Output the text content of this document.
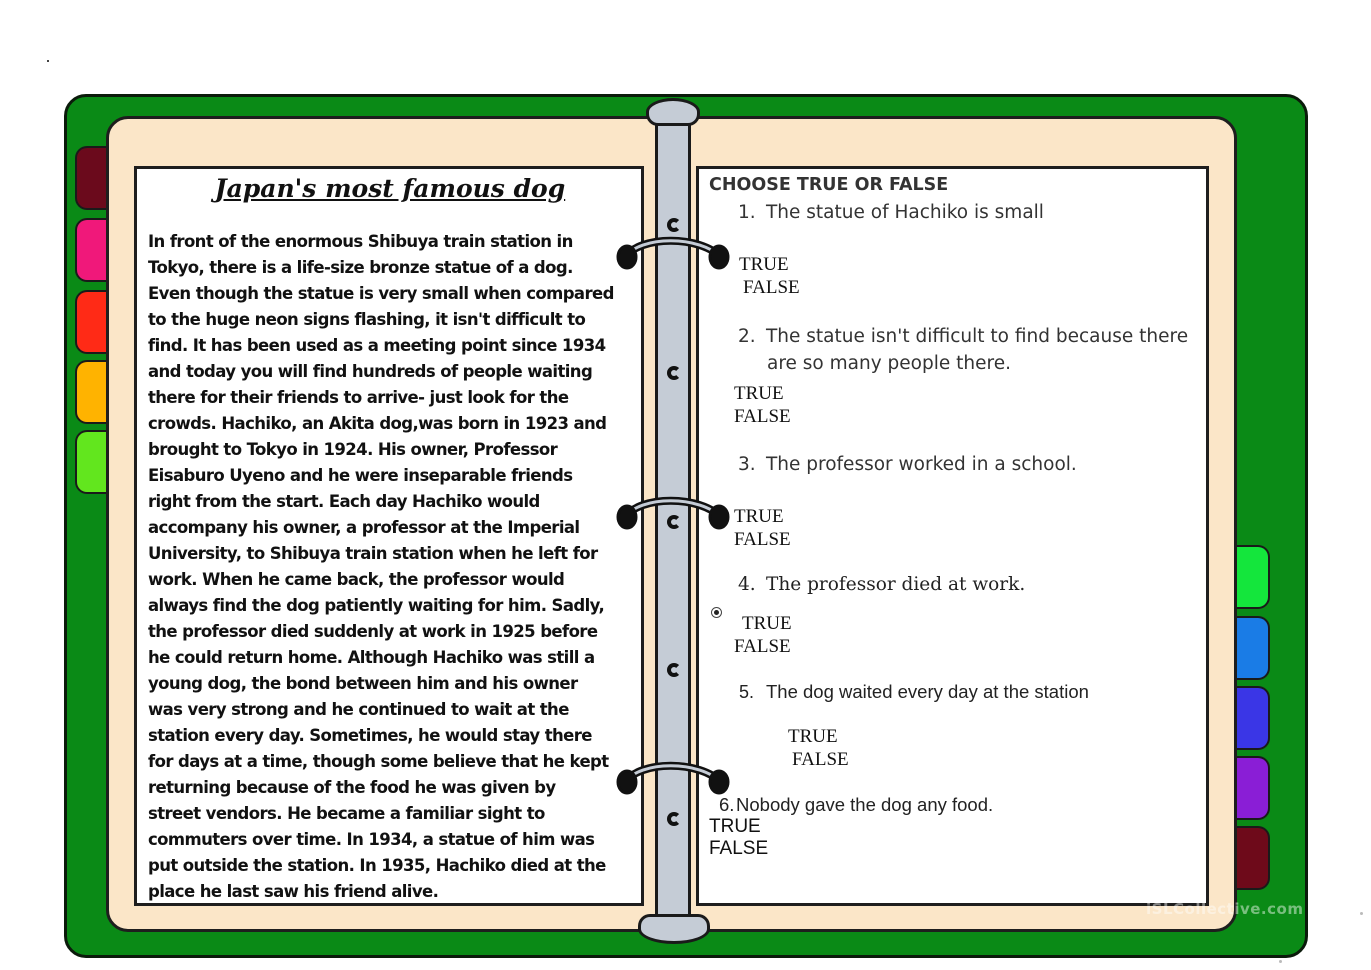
Japan's most famous dog
In front of the enormous Shibuya train station in
Tokyo, there is a life-size bronze statue of a dog.
Even though the statue is very small when compared
to the huge neon signs flashing, it isn't difficult to
find. It has been used as a meeting point since 1934
and today you will find hundreds of people waiting
there for their friends to arrive- just look for the
crowds. Hachiko, an Akita dog,was born in 1923 and
brought to Tokyo in 1924. His owner, Professor
Eisaburo Uyeno and he were inseparable friends
right from the start. Each day Hachiko would
accompany his owner, a professor at the Imperial
University, to Shibuya train station when he left for
work. When he came back, the professor would
always find the dog patiently waiting for him. Sadly,
the professor died suddenly at work in 1925 before
he could return home. Although Hachiko was still a
young dog, the bond between him and his owner
was very strong and he continued to wait at the
station every day. Sometimes, he would stay there
for days at a time, though some believe that he kept
returning because of the food he was given by
street vendors. He became a familiar sight to
commuters over time. In 1934, a statue of him was
put outside the station. In 1935, Hachiko died at the
place he last saw his friend alive.

CHOOSE TRUE OR FALSE

1. The statue of Hachiko is small

TRUE

FALSE

2. The statue isn't difficult to find because there

are so many people there.

TRUE

FALSE

3. The professor worked in a school.

TRUE

FALSE

4. The professor died at work.

TRUE

FALSE

5. The dog waited every day at the station

TRUE

FALSE

6. Nobody gave the dog any food.

TRUE

FALSE

iSLCollective.com
